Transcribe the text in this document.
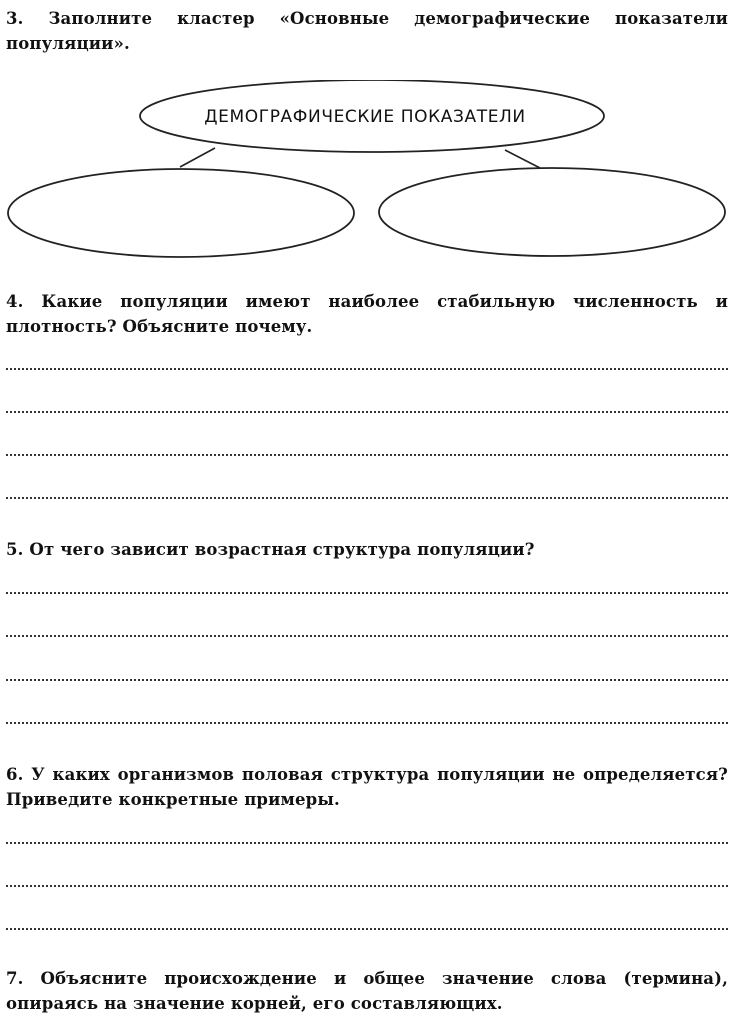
3. Заполните кластер «Основные демографические показатели популяции».
ДЕМОГРАФИЧЕСКИЕ ПОКАЗАТЕЛИ
4. Какие популяции имеют наиболее стабильную численность и плотность? Объясните почему.
5. От чего зависит возрастная структура популяции?
6. У каких организмов половая структура популяции не определяется? Приведите конкретные примеры.
7. Объясните происхождение и общее значение слова (термина), опираясь на значение корней, его составляющих.
